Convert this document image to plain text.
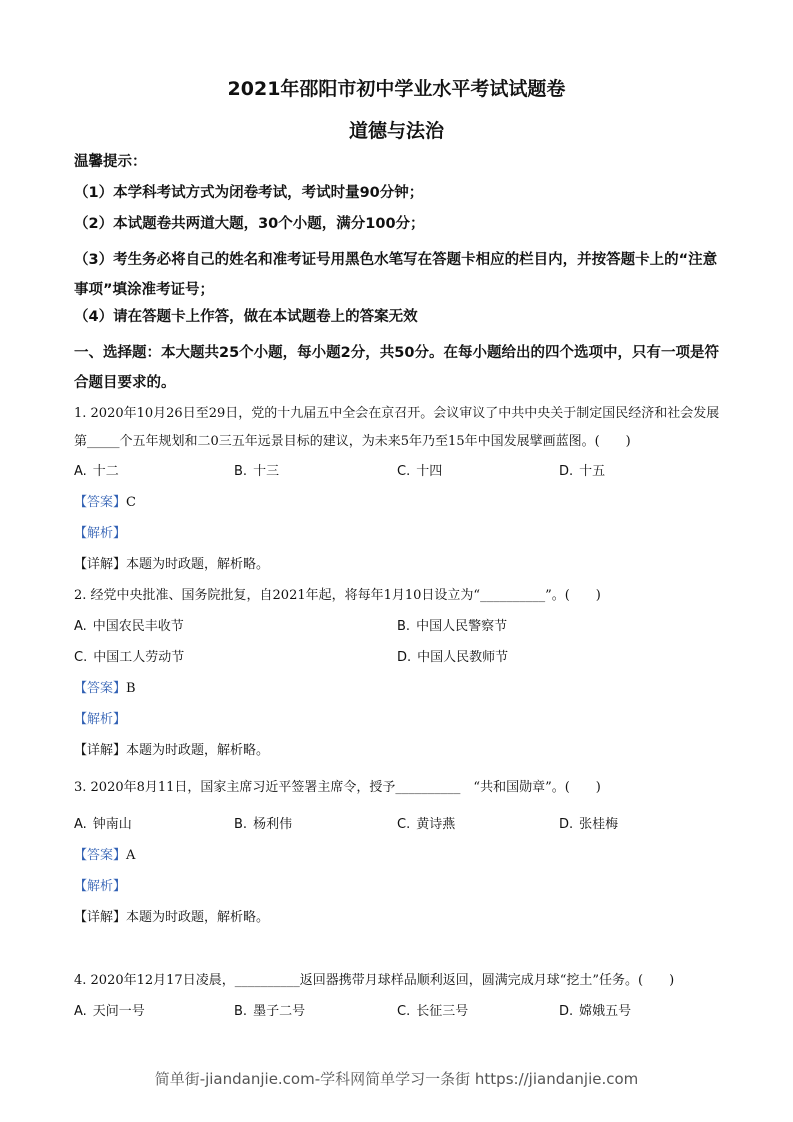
2021年邵阳市初中学业水平考试试题卷
道德与法治
温馨提示：
（1）本学科考试方式为闭卷考试，考试时量90分钟；
（2）本试题卷共两道大题，30个小题，满分100分；
（3）考生务必将自己的姓名和准考证号用黑色水笔写在答题卡相应的栏目内，并按答题卡上的“注意事项”填涂准考证号；
（4）请在答题卡上作答，做在本试题卷上的答案无效
一、选择题：本大题共25个小题，每小题2分，共50分。在每小题给出的四个选项中，只有一项是符合题目要求的。
1. 2020年10月26日至29日，党的十九届五中全会在京召开。会议审议了中共中央关于制定国民经济和社会发展第_____个五年规划和二0三五年远景目标的建议，为未来5年乃至15年中国发展擘画蓝图。(　　)
A. 十二	B. 十三	C. 十四	D. 十五
【答案】C
【解析】
【详解】本题为时政题，解析略。
2. 经党中央批准、国务院批复，自2021年起，将每年1月10日设立为“__________”。(　　)
A. 中国农民丰收节	B. 中国人民警察节
C. 中国工人劳动节	D. 中国人民教师节
【答案】B
【解析】
【详解】本题为时政题，解析略。
3. 2020年8月11日，国家主席习近平签署主席令，授予__________　“共和国勋章”。(　　)
A. 钟南山	B. 杨利伟	C. 黄诗燕	D. 张桂梅
【答案】A
【解析】
【详解】本题为时政题，解析略。
4. 2020年12月17日凌晨，__________返回器携带月球样品顺利返回，圆满完成月球“挖土”任务。(　　)
A. 天问一号	B. 墨子二号	C. 长征三号	D. 嫦娥五号
简单街-jiandanjie.com-学科网简单学习一条街 https://jiandanjie.com
